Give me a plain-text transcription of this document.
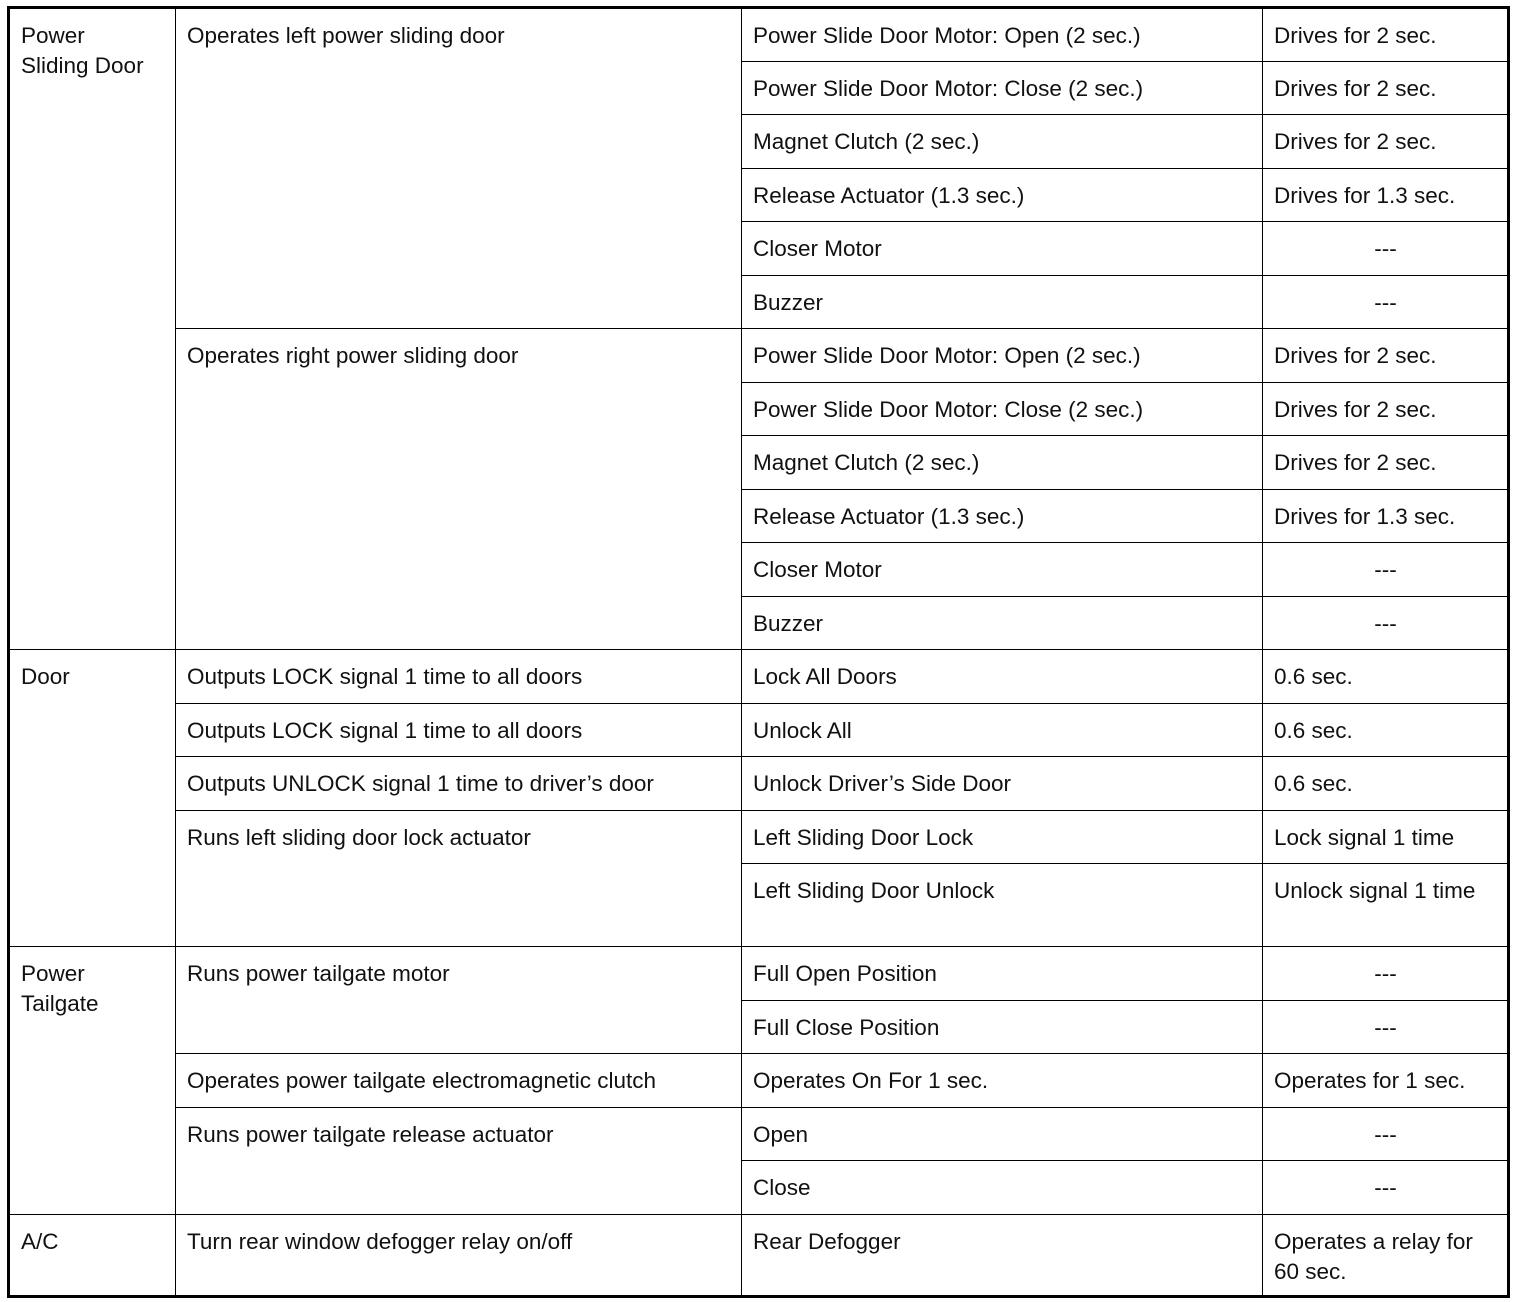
Power
Sliding Door	Operates left power sliding door	Power Slide Door Motor: Open (2 sec.)	Drives for 2 sec.
		Power Slide Door Motor: Close (2 sec.)	Drives for 2 sec.
		Magnet Clutch (2 sec.)	Drives for 2 sec.
		Release Actuator (1.3 sec.)	Drives for 1.3 sec.
		Closer Motor	---
		Buzzer	---
	Operates right power sliding door	Power Slide Door Motor: Open (2 sec.)	Drives for 2 sec.
		Power Slide Door Motor: Close (2 sec.)	Drives for 2 sec.
		Magnet Clutch (2 sec.)	Drives for 2 sec.
		Release Actuator (1.3 sec.)	Drives for 1.3 sec.
		Closer Motor	---
		Buzzer	---
Door	Outputs LOCK signal 1 time to all doors	Lock All Doors	0.6 sec.
	Outputs LOCK signal 1 time to all doors	Unlock All	0.6 sec.
	Outputs UNLOCK signal 1 time to driver’s door	Unlock Driver’s Side Door	0.6 sec.
	Runs left sliding door lock actuator	Left Sliding Door Lock	Lock signal 1 time
		Left Sliding Door Unlock	Unlock signal 1 time
Power
Tailgate	Runs power tailgate motor	Full Open Position	---
		Full Close Position	---
	Operates power tailgate electromagnetic clutch	Operates On For 1 sec.	Operates for 1 sec.
	Runs power tailgate release actuator	Open	---
		Close	---
A/C	Turn rear window defogger relay on/off	Rear Defogger	Operates a relay for 60 sec.
